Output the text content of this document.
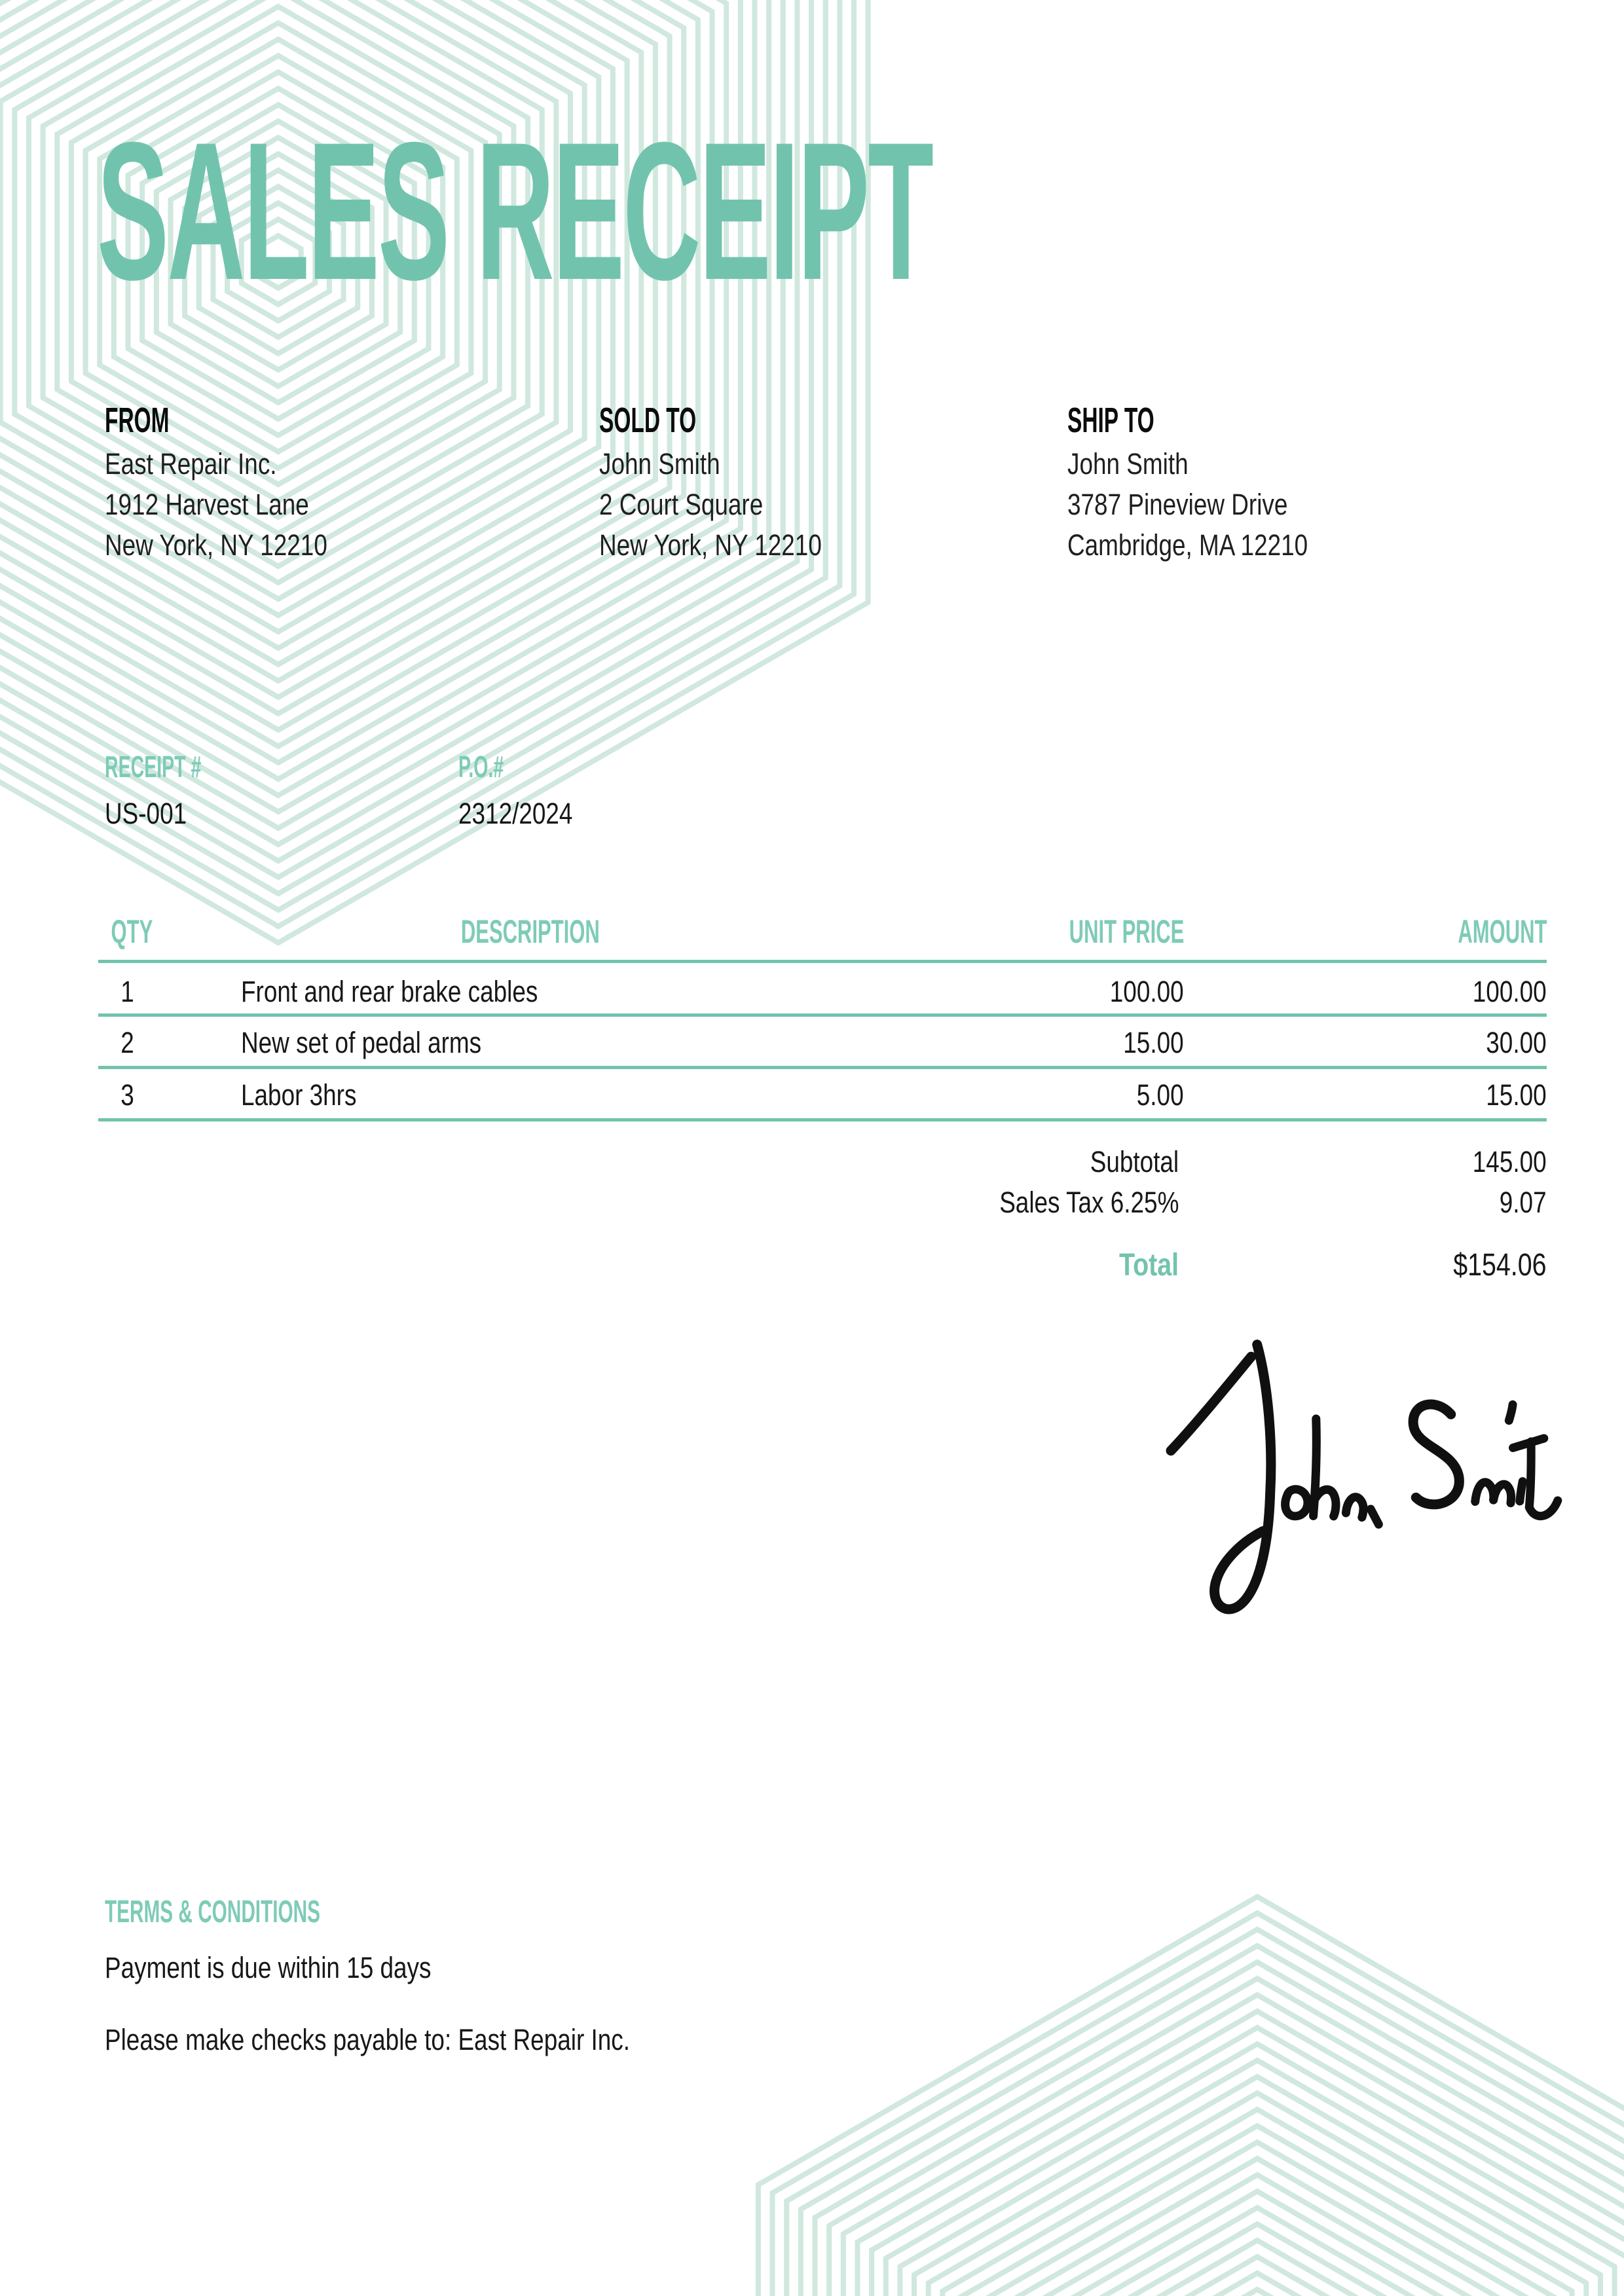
SALES RECEIPT
FROM
East Repair Inc.
1912 Harvest Lane
New York, NY 12210
SOLD TO
John Smith
2 Court Square
New York, NY 12210
SHIP TO
John Smith
3787 Pineview Drive
Cambridge, MA 12210
RECEIPT #
US-001
P.O.#
2312/2024
QTY	DESCRIPTION	UNIT PRICE	AMOUNT
1	Front and rear brake cables	100.00	100.00
2	New set of pedal arms	15.00	30.00
3	Labor 3hrs	5.00	15.00
Subtotal	145.00
Sales Tax 6.25%	9.07
Total	$154.06
TERMS & CONDITIONS
Payment is due within 15 days
Please make checks payable to: East Repair Inc.
